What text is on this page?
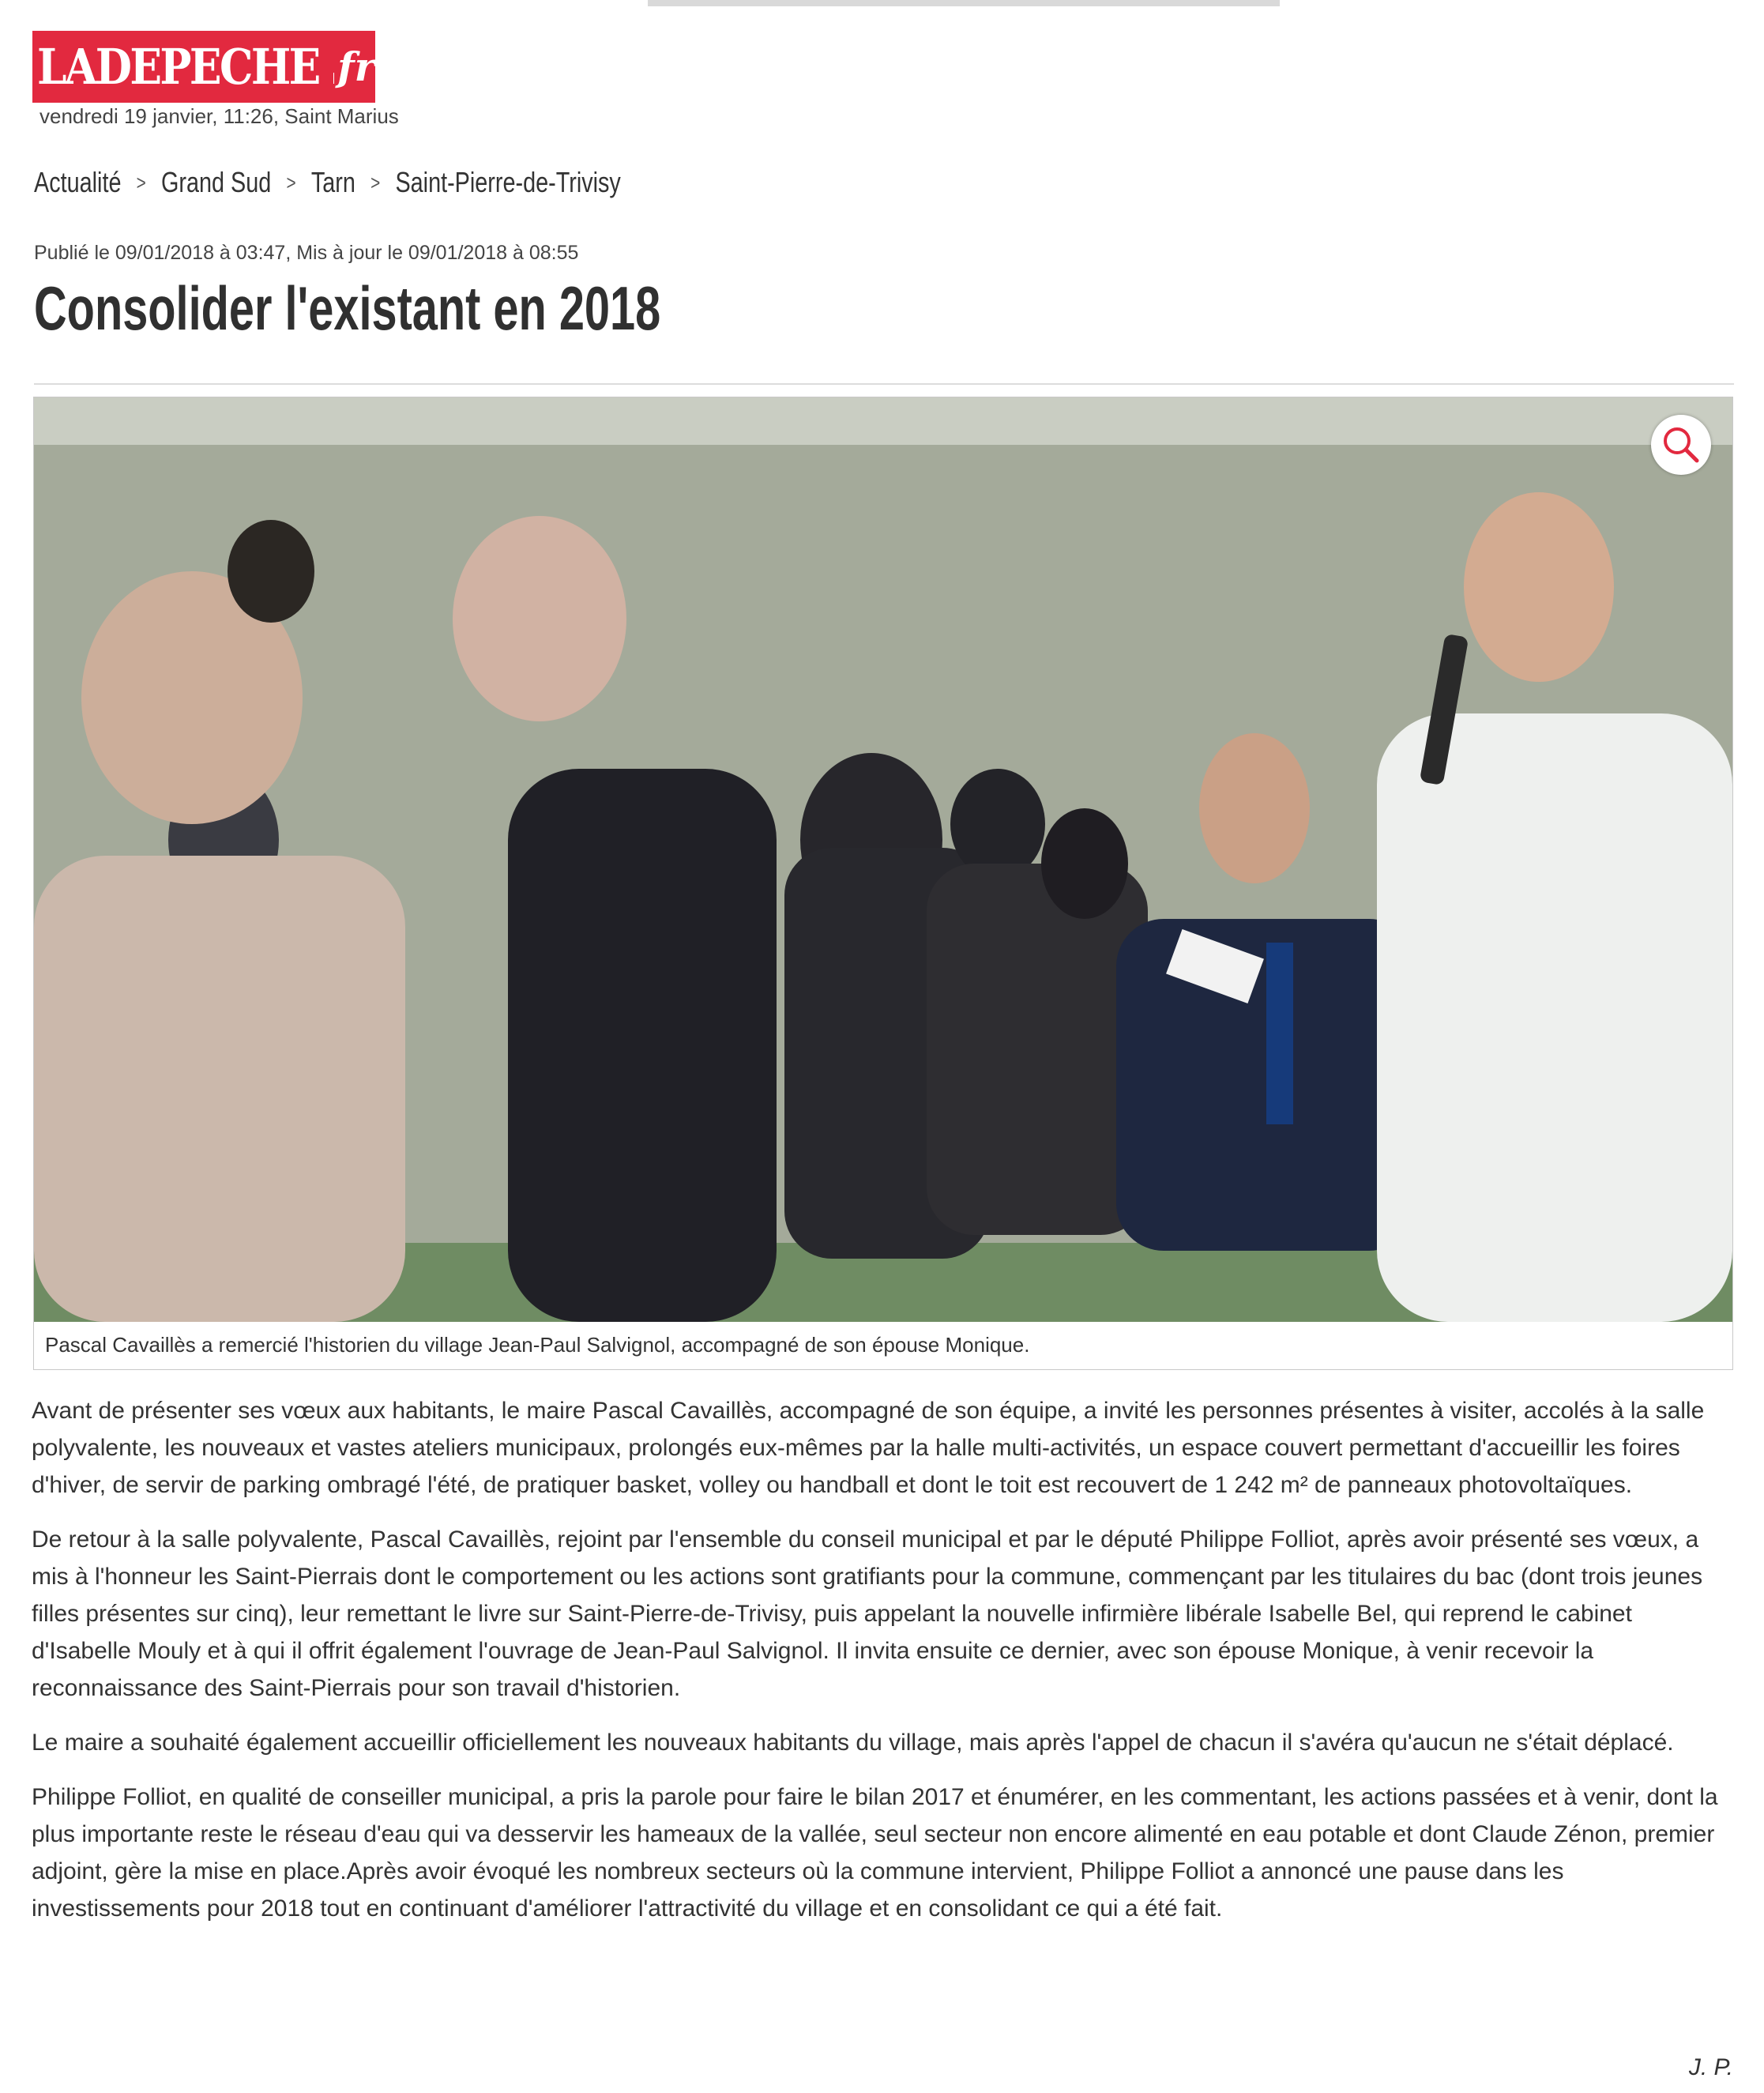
LADEPECHE fr
vendredi 19 janvier, 11:26, Saint Marius
Actualité > Grand Sud > Tarn > Saint-Pierre-de-Trivisy
Publié le 09/01/2018 à 03:47, Mis à jour le 09/01/2018 à 08:55
Consolider l'existant en 2018
Pascal Cavaillès a remercié l'historien du village Jean-Paul Salvignol, accompagné de son épouse Monique.

Avant de présenter ses vœux aux habitants, le maire Pascal Cavaillès, accompagné de son équipe, a invité les personnes présentes à visiter, accolés à la salle polyvalente, les nouveaux et vastes ateliers municipaux, prolongés eux-mêmes par la halle multi-activités, un espace couvert permettant d'accueillir les foires d'hiver, de servir de parking ombragé l'été, de pratiquer basket, volley ou handball et dont le toit est recouvert de 1 242 m² de panneaux photovoltaïques.

De retour à la salle polyvalente, Pascal Cavaillès, rejoint par l'ensemble du conseil municipal et par le député Philippe Folliot, après avoir présenté ses vœux, a mis à l'honneur les Saint-Pierrais dont le comportement ou les actions sont gratifiants pour la commune, commençant par les titulaires du bac (dont trois jeunes filles présentes sur cinq), leur remettant le livre sur Saint-Pierre-de-Trivisy, puis appelant la nouvelle infirmière libérale Isabelle Bel, qui reprend le cabinet d'Isabelle Mouly et à qui il offrit également l'ouvrage de Jean-Paul Salvignol. Il invita ensuite ce dernier, avec son épouse Monique, à venir recevoir la reconnaissance des Saint-Pierrais pour son travail d'historien.

Le maire a souhaité également accueillir officiellement les nouveaux habitants du village, mais après l'appel de chacun il s'avéra qu'aucun ne s'était déplacé.

Philippe Folliot, en qualité de conseiller municipal, a pris la parole pour faire le bilan 2017 et énumérer, en les commentant, les actions passées et à venir, dont la plus importante reste le réseau d'eau qui va desservir les hameaux de la vallée, seul secteur non encore alimenté en eau potable et dont Claude Zénon, premier adjoint, gère la mise en place.Après avoir évoqué les nombreux secteurs où la commune intervient, Philippe Folliot a annoncé une pause dans les investissements pour 2018 tout en continuant d'améliorer l'attractivité du village et en consolidant ce qui a été fait.

J. P.
